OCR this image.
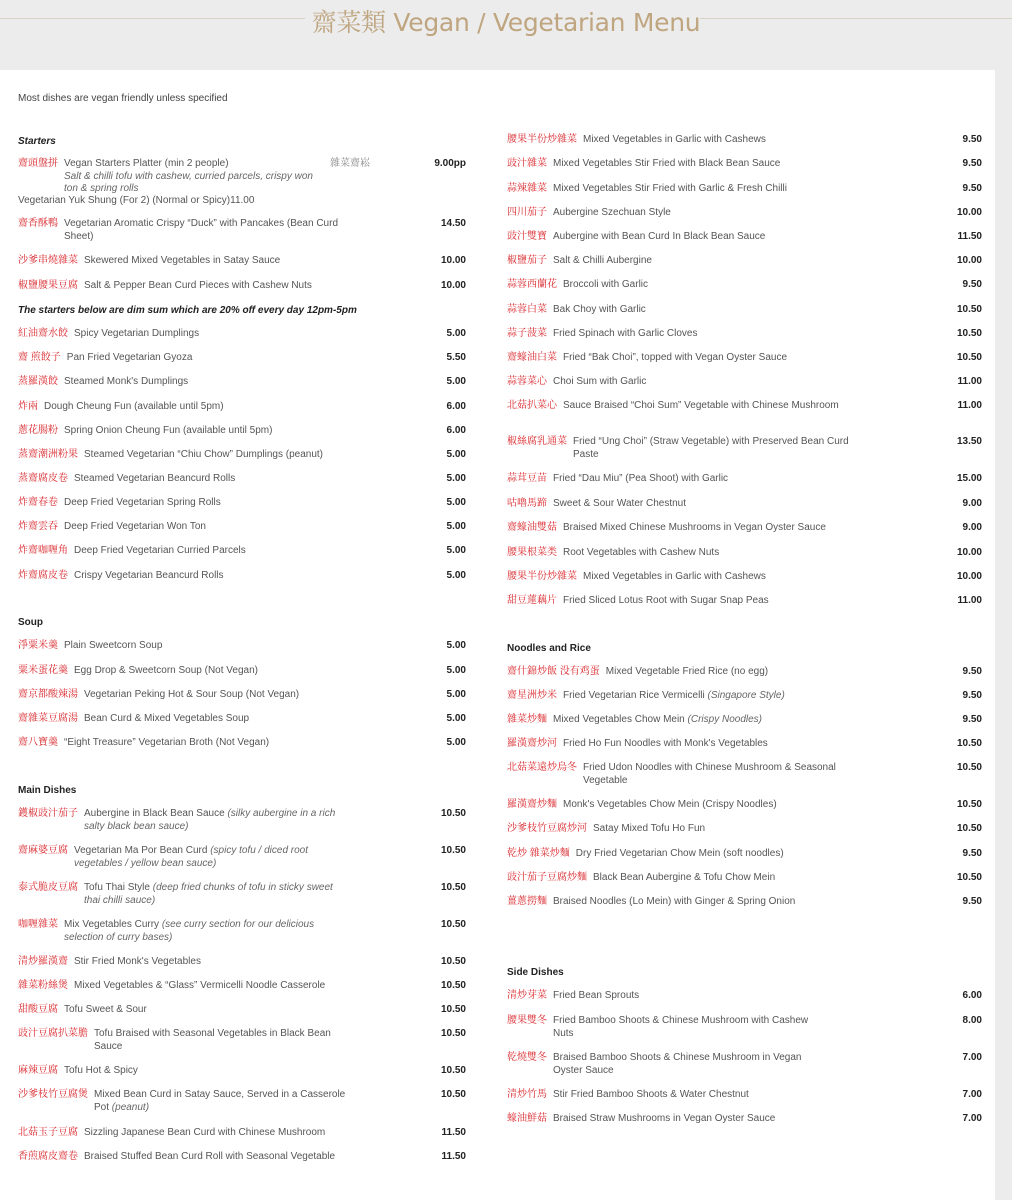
齋菜類 Vegan / Vegetarian Menu
Most dishes are vegan friendly unless specified
Starters
齋頭盤拼 Vegan Starters Platter (min 2 people)
Salt & chilli tofu with cashew, curried parcels, crispy won ton & spring rolls
雜菜齋崧	9.00pp
Vegetarian Yuk Shung (For 2) (Normal or Spicy)11.00
齋香酥鴨 Vegetarian Aromatic Crispy “Duck” with Pancakes (Bean Curd Sheet)
14.50
沙爹串燒雜菜 Skewered Mixed Vegetables in Satay Sauce	10.00
椒鹽腰果豆腐 Salt & Pepper Bean Curd Pieces with Cashew Nuts	10.00
The starters below are dim sum which are 20% off every day 12pm-5pm
紅油齋水餃 Spicy Vegetarian Dumplings	5.00
齋 煎餃子 Pan Fried Vegetarian Gyoza	5.50
蒸羅漢餃 Steamed Monk's Dumplings	5.00
炸兩 Dough Cheung Fun (available until 5pm)	6.00
蔥花腸粉 Spring Onion Cheung Fun (available until 5pm)	6.00
蒸齋潮洲粉果 Steamed Vegetarian “Chiu Chow” Dumplings (peanut)	5.00
蒸齋腐皮卷 Steamed Vegetarian Beancurd Rolls	5.00
炸齋春卷 Deep Fried Vegetarian Spring Rolls	5.00
炸齋雲吞 Deep Fried Vegetarian Won Ton	5.00
炸齋咖喱角 Deep Fried Vegetarian Curried Parcels	5.00
炸齋腐皮卷 Crispy Vegetarian Beancurd Rolls	5.00
Soup
淨粟米羹 Plain Sweetcorn Soup	5.00
粟米蛋花羹 Egg Drop & Sweetcorn Soup (Not Vegan)	5.00
齋京都酸辣湯 Vegetarian Peking Hot & Sour Soup (Not Vegan)	5.00
齋雜菜豆腐湯 Bean Curd & Mixed Vegetables Soup	5.00
齋八寶羹 “Eight Treasure” Vegetarian Broth (Not Vegan)	5.00
Main Dishes
鑊椒豉汁茄子 Aubergine in Black Bean Sauce (silky aubergine in a rich salty black bean sauce)
10.50
齋麻婆豆腐 Vegetarian Ma Por Bean Curd (spicy tofu / diced root vegetables / yellow bean sauce)
10.50
泰式脆皮豆腐 Tofu Thai Style (deep fried chunks of tofu in sticky sweet thai chilli sauce)
10.50
咖喱雜菜 Mix Vegetables Curry (see curry section for our delicious selection of curry bases)
10.50
清炒羅漢齋 Stir Fried Monk's Vegetables	10.50
雜菜粉絲煲 Mixed Vegetables & “Glass” Vermicelli Noodle Casserole	10.50
甜酸豆腐 Tofu Sweet & Sour	10.50
豉汁豆腐扒菜膽 Tofu Braised with Seasonal Vegetables in Black Bean Sauce
10.50
麻辣豆腐 Tofu Hot & Spicy	10.50
沙爹枝竹豆腐煲 Mixed Bean Curd in Satay Sauce, Served in a Casserole Pot (peanut)
10.50
北菇玉子豆腐 Sizzling Japanese Bean Curd with Chinese Mushroom	11.50
香煎腐皮齋卷 Braised Stuffed Bean Curd Roll with Seasonal Vegetable	11.50
腰果半份炒雜菜 Mixed Vegetables in Garlic with Cashews	9.50
豉汁雜菜 Mixed Vegetables Stir Fried with Black Bean Sauce	9.50
蒜辣雜菜 Mixed Vegetables Stir Fried with Garlic & Fresh Chilli	9.50
四川茄子 Aubergine Szechuan Style	10.00
豉汁雙寶 Aubergine with Bean Curd In Black Bean Sauce	11.50
椒鹽茄子 Salt & Chilli Aubergine	10.00
蒜蓉西蘭花 Broccoli with Garlic	9.50
蒜蓉白菜 Bak Choy with Garlic	10.50
蒜子菠菜 Fried Spinach with Garlic Cloves	10.50
齋蠔油白菜 Fried “Bak Choi”, topped with Vegan Oyster Sauce	10.50
蒜蓉菜心 Choi Sum with Garlic	11.00
北菇扒菜心 Sauce Braised “Choi Sum” Vegetable with Chinese Mushroom	11.00
椒絲腐乳通菜 Fried “Ung Choi” (Straw Vegetable) with Preserved Bean Curd Paste
13.50
蒜茸豆苗 Fried “Dau Miu” (Pea Shoot) with Garlic	15.00
咕嚕馬蹄 Sweet & Sour Water Chestnut	9.00
齋蠔油雙菇 Braised Mixed Chinese Mushrooms in Vegan Oyster Sauce	9.00
腰果根菜类 Root Vegetables with Cashew Nuts	10.00
腰果半份炒雜菜 Mixed Vegetables in Garlic with Cashews	10.00
甜豆蓮藕片 Fried Sliced Lotus Root with Sugar Snap Peas	11.00
Noodles and Rice
齋什錦炒飯 没有鸡蛋 Mixed Vegetable Fried Rice (no egg)	9.50
齋星洲炒米 Fried Vegetarian Rice Vermicelli (Singapore Style)	9.50
雜菜炒麵 Mixed Vegetables Chow Mein (Crispy Noodles)	9.50
羅漢齋炒河 Fried Ho Fun Noodles with Monk's Vegetables	10.50
北菇菜遠炒烏冬 Fried Udon Noodles with Chinese Mushroom & Seasonal Vegetable
10.50
羅漢齋炒麵 Monk's Vegetables Chow Mein (Crispy Noodles)	10.50
沙爹枝竹豆腐炒河 Satay Mixed Tofu Ho Fun	10.50
乾炒 雜菜炒麵 Dry Fried Vegetarian Chow Mein (soft noodles)	9.50
豉汁茄子豆腐炒麵 Black Bean Aubergine & Tofu Chow Mein	10.50
薑蔥撈麵 Braised Noodles (Lo Mein) with Ginger & Spring Onion	9.50
Side Dishes
清炒芽菜 Fried Bean Sprouts	6.00
腰果雙冬 Fried Bamboo Shoots & Chinese Mushroom with Cashew Nuts
8.00
乾燒雙冬 Braised Bamboo Shoots & Chinese Mushroom in Vegan Oyster Sauce
7.00
清炒竹馬 Stir Fried Bamboo Shoots & Water Chestnut	7.00
蠔油鮮菇 Braised Straw Mushrooms in Vegan Oyster Sauce	7.00
